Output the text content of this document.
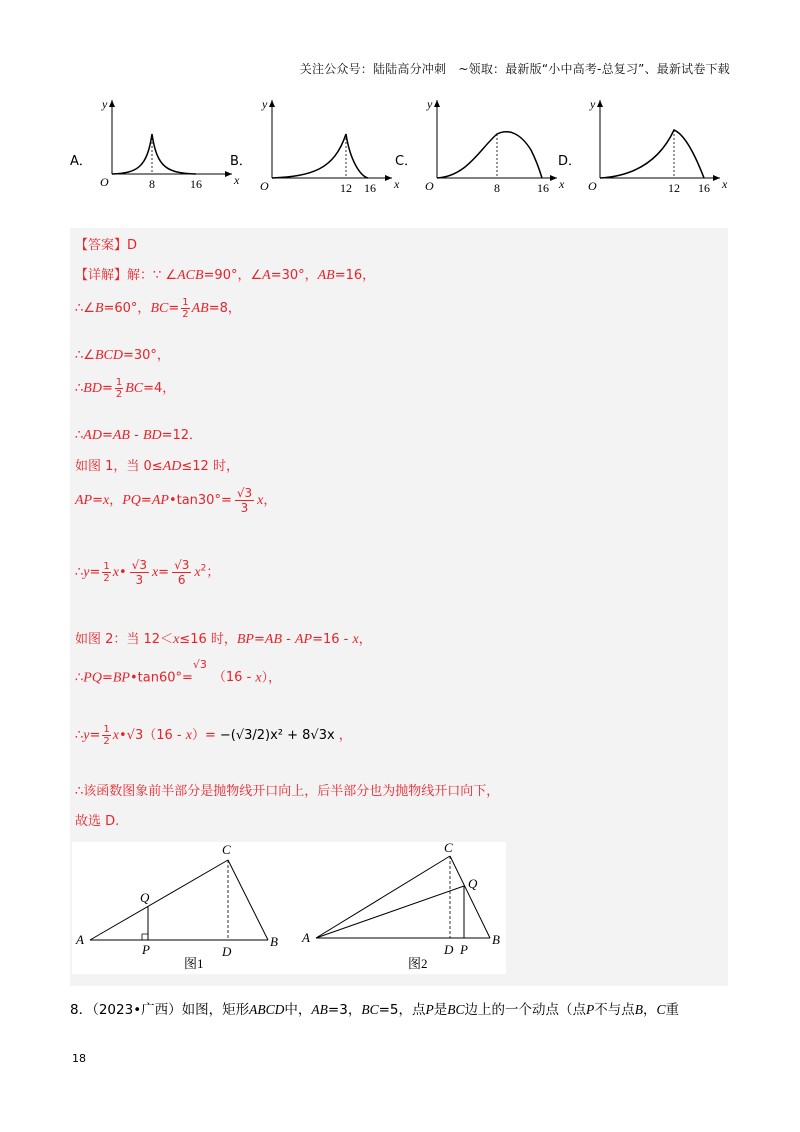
关注公众号：陆陆高分冲刺　~领取：最新版“小中高考-总复习”、最新试卷下载
A．
O
y
x
8	16
B．
O
y
x
12 16
C．
O
y
x
8	16
D．
O
y
x
12 16
【答案】D
【详解】解：∵ ∠ACB=90°，∠A=30°，AB=16，
∴∠B=60°，$BC= \frac{1}{2} AB=8$，
∴∠BCD=30°，
∴BD= $\frac{1}{2} BC=4$，
∴AD=AB - BD=12．
如图 1，当 0≤AD≤12 时，
AP=x，PQ=AP•tan30°= $\frac{√3}{3}$ x，
∴y= $\frac{1}{2}$ x• $\frac{√3}{3} x= \frac{√3}{6} x^2$；
如图 2：当 12＜x≤16 时，BP=AB - AP=16 - x，
∴PQ=BP•tan60°=$^{√3}$（16 - x），
∴y= $\frac{1}{2}$ x•√3（16 - x）= −(√3/2)x² + 8√3x ，
∴该函数图象前半部分是抛物线开口向上，后半部分也为抛物线开口向下，
故选 D.
A	B
C
D
P
Q
图1
A	B
C
D P
Q
图2
8．（2023•广西）如图，矩形ABCD中，AB=3，BC=5，点P是BC边上的一个动点（点P不与点B，C重
18
